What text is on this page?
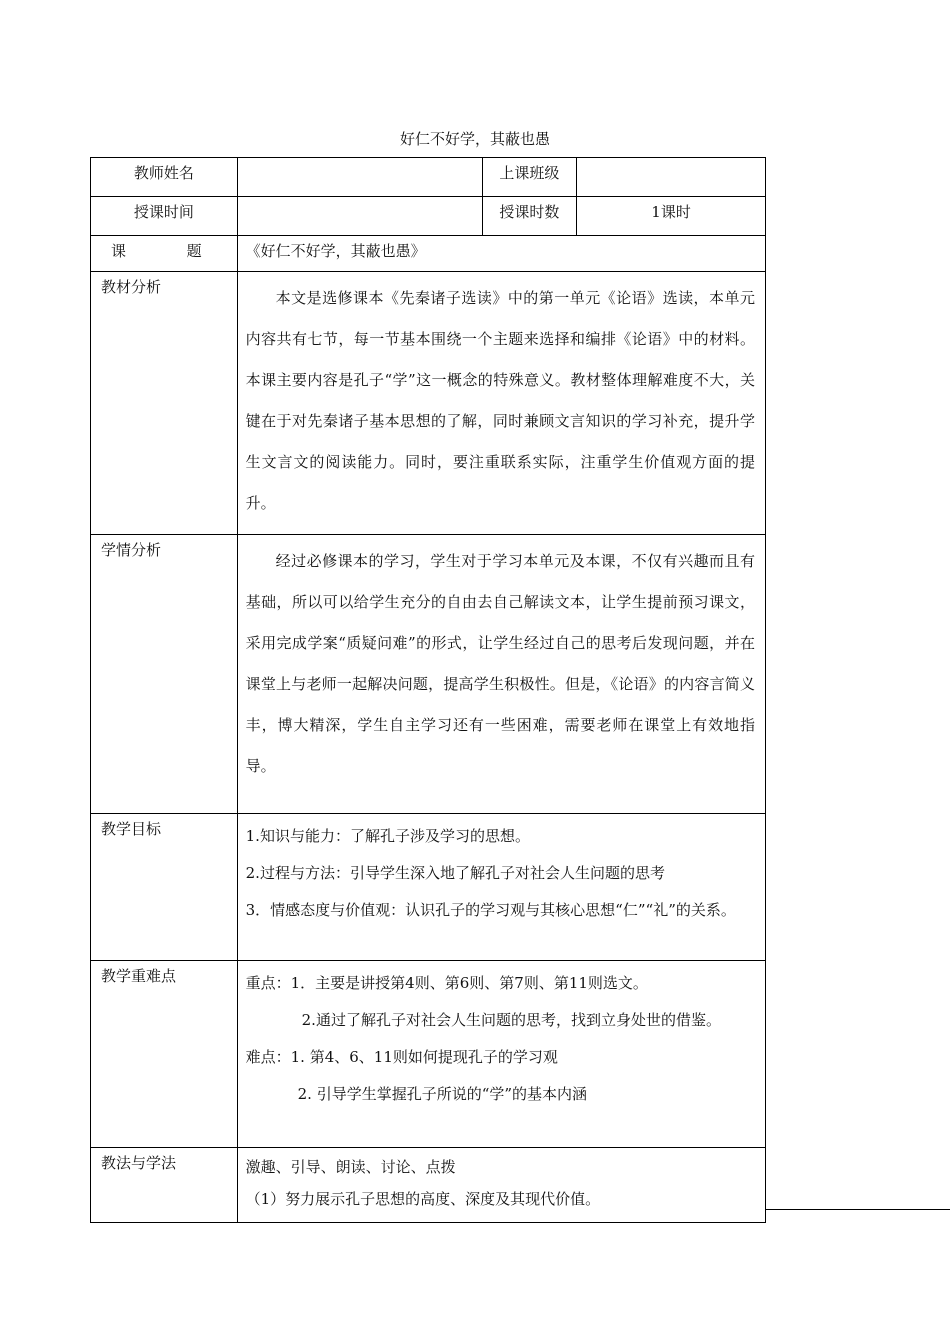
好仁不好学，其蔽也愚
教师姓名		上课班级	

授课时间		授课时数	1课时

课 题	《好仁不好学，其蔽也愚》		

教材分析	本文是选修课本《先秦诸子选读》中的第一单元《论语》选读，本单元内容共有七节，每一节基本围绕一个主题来选择和编排《论语》中的材料。本课主要内容是孔子“学”这一概念的特殊意义。教材整体理解难度不大，关键在于对先秦诸子基本思想的了解，同时兼顾文言知识的学习补充，提升学生文言文的阅读能力。同时，要注重联系实际，注重学生价值观方面的提升。		

学情分析	经过必修课本的学习，学生对于学习本单元及本课，不仅有兴趣而且有基础，所以可以给学生充分的自由去自己解读文本，让学生提前预习课文，采用完成学案“质疑问难”的形式，让学生经过自己的思考后发现问题，并在课堂上与老师一起解决问题，提高学生积极性。但是，《论语》的内容言简义丰，博大精深，学生自主学习还有一些困难，需要老师在课堂上有效地指导。		

教学目标	1.知识与能力：了解孔子涉及学习的思想。

2.过程与方法：引导学生深入地了解孔子对社会人生问题的思考

3．情感态度与价值观：认识孔子的学习观与其核心思想“仁”“礼”的关系。		

教学重难点	重点：1．主要是讲授第4则、第6则、第7则、第11则选文。

2.通过了解孔子对社会人生问题的思考，找到立身处世的借鉴。

难点：1. 第4、6、11则如何提现孔子的学习观

2. 引导学生掌握孔子所说的“学”的基本内涵		

教法与学法	激趣、引导、朗读、讨论、点拨

（1）努力展示孔子思想的高度、深度及其现代价值。		
